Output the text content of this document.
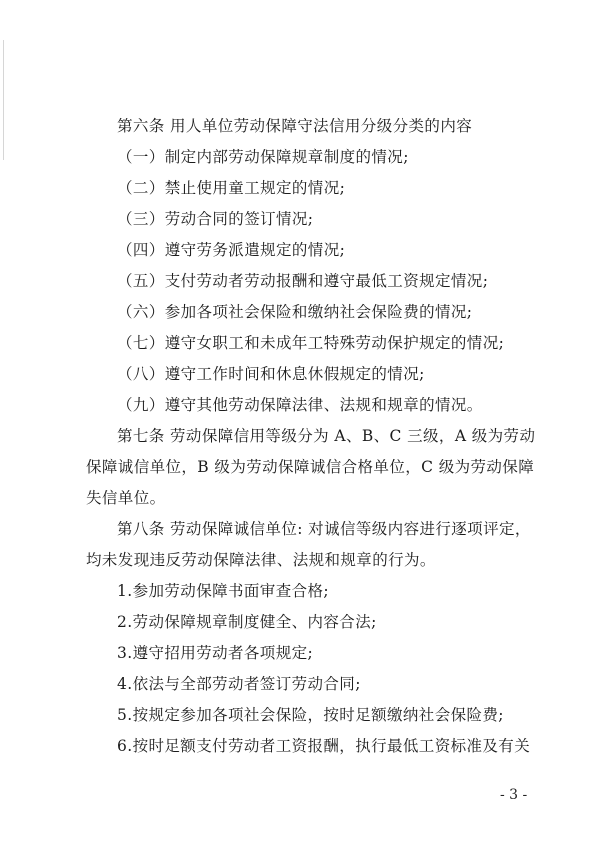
第六条 用人单位劳动保障守法信用分级分类的内容
（一）制定内部劳动保障规章制度的情况;
（二）禁止使用童工规定的情况;
（三）劳动合同的签订情况;
（四）遵守劳务派遣规定的情况;
（五）支付劳动者劳动报酬和遵守最低工资规定情况;
（六）参加各项社会保险和缴纳社会保险费的情况;
（七）遵守女职工和未成年工特殊劳动保护规定的情况;
（八）遵守工作时间和休息休假规定的情况;
（九）遵守其他劳动保障法律、法规和规章的情况。
第七条 劳动保障信用等级分为 A、B、C 三级，A 级为劳动
保障诚信单位，B 级为劳动保障诚信合格单位，C 级为劳动保障
失信单位。
第八条 劳动保障诚信单位: 对诚信等级内容进行逐项评定，
均未发现违反劳动保障法律、法规和规章的行为。
1.参加劳动保障书面审查合格;
2.劳动保障规章制度健全、内容合法;
3.遵守招用劳动者各项规定;
4.依法与全部劳动者签订劳动合同;
5.按规定参加各项社会保险，按时足额缴纳社会保险费;
6.按时足额支付劳动者工资报酬，执行最低工资标准及有关
- 3 -
